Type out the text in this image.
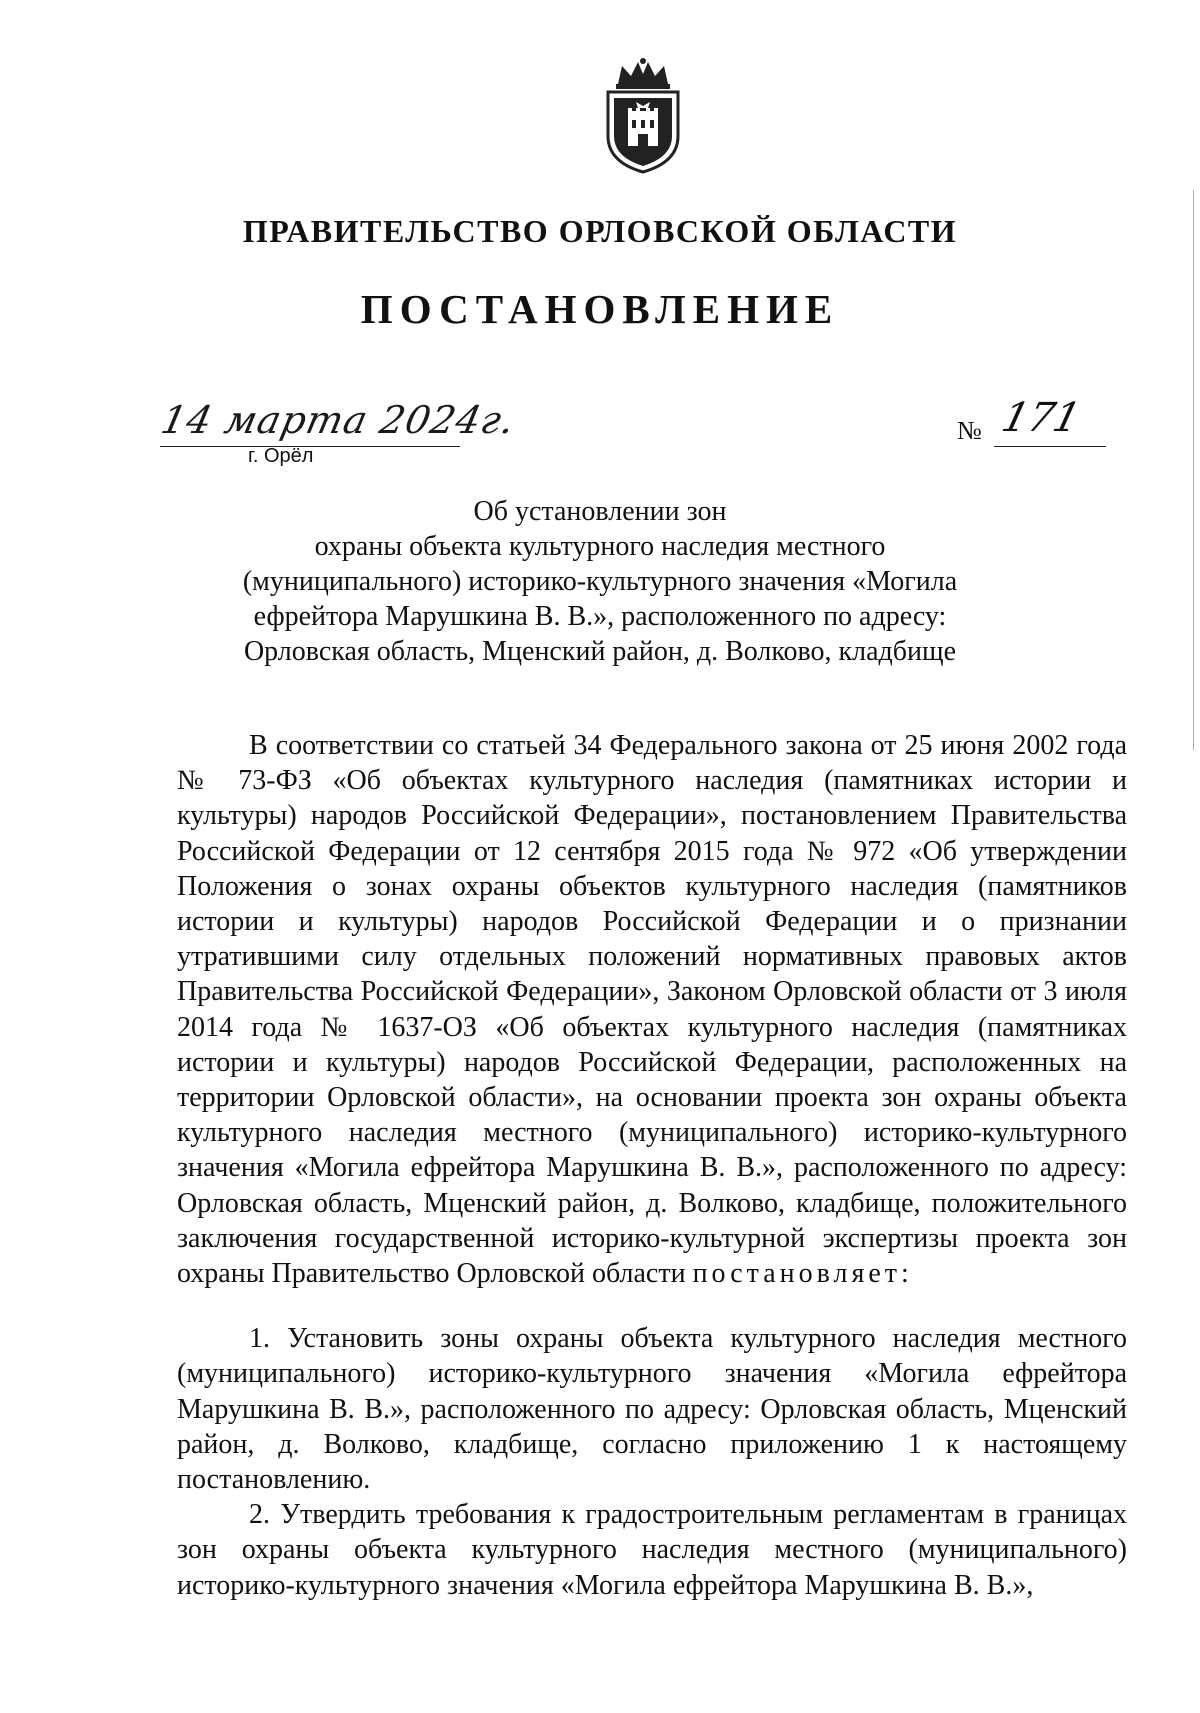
ПРАВИТЕЛЬСТВО ОРЛОВСКОЙ ОБЛАСТИ
ПОСТАНОВЛЕНИЕ
14 марта 2024г.
г. Орёл
№ 171
Об установлении зон
охраны объекта культурного наследия местного
(муниципального) историко-культурного значения «Могила
ефрейтора Марушкина В. В.», расположенного по адресу:
Орловская область, Мценский район, д. Волково, кладбище

В соответствии со статьей 34 Федерального закона от 25 июня 2002 года № 73-ФЗ «Об объектах культурного наследия (памятниках истории и культуры) народов Российской Федерации», постановлением Правительства Российской Федерации от 12 сентября 2015 года № 972 «Об утверждении Положения о зонах охраны объектов культурного наследия (памятников истории и культуры) народов Российской Федерации и о признании утратившими силу отдельных положений нормативных правовых актов Правительства Российской Федерации», Законом Орловской области от 3 июля 2014 года № 1637-ОЗ «Об объектах культурного наследия (памятниках истории и культуры) народов Российской Федерации, расположенных на территории Орловской области», на основании проекта зон охраны объекта культурного наследия местного (муниципального) историко-культурного значения «Могила ефрейтора Марушкина В. В.», расположенного по адресу: Орловская область, Мценский район, д. Волково, кладбище, положительного заключения государственной историко-культурной экспертизы проекта зон охраны Правительство Орловской области постановляет:

1. Установить зоны охраны объекта культурного наследия местного (муниципального) историко-культурного значения «Могила ефрейтора Марушкина В. В.», расположенного по адресу: Орловская область, Мценский район, д. Волково, кладбище, согласно приложению 1 к настоящему постановлению.

2. Утвердить требования к градостроительным регламентам в границах зон охраны объекта культурного наследия местного (муниципального) историко-культурного значения «Могила ефрейтора Марушкина В. В.»,
